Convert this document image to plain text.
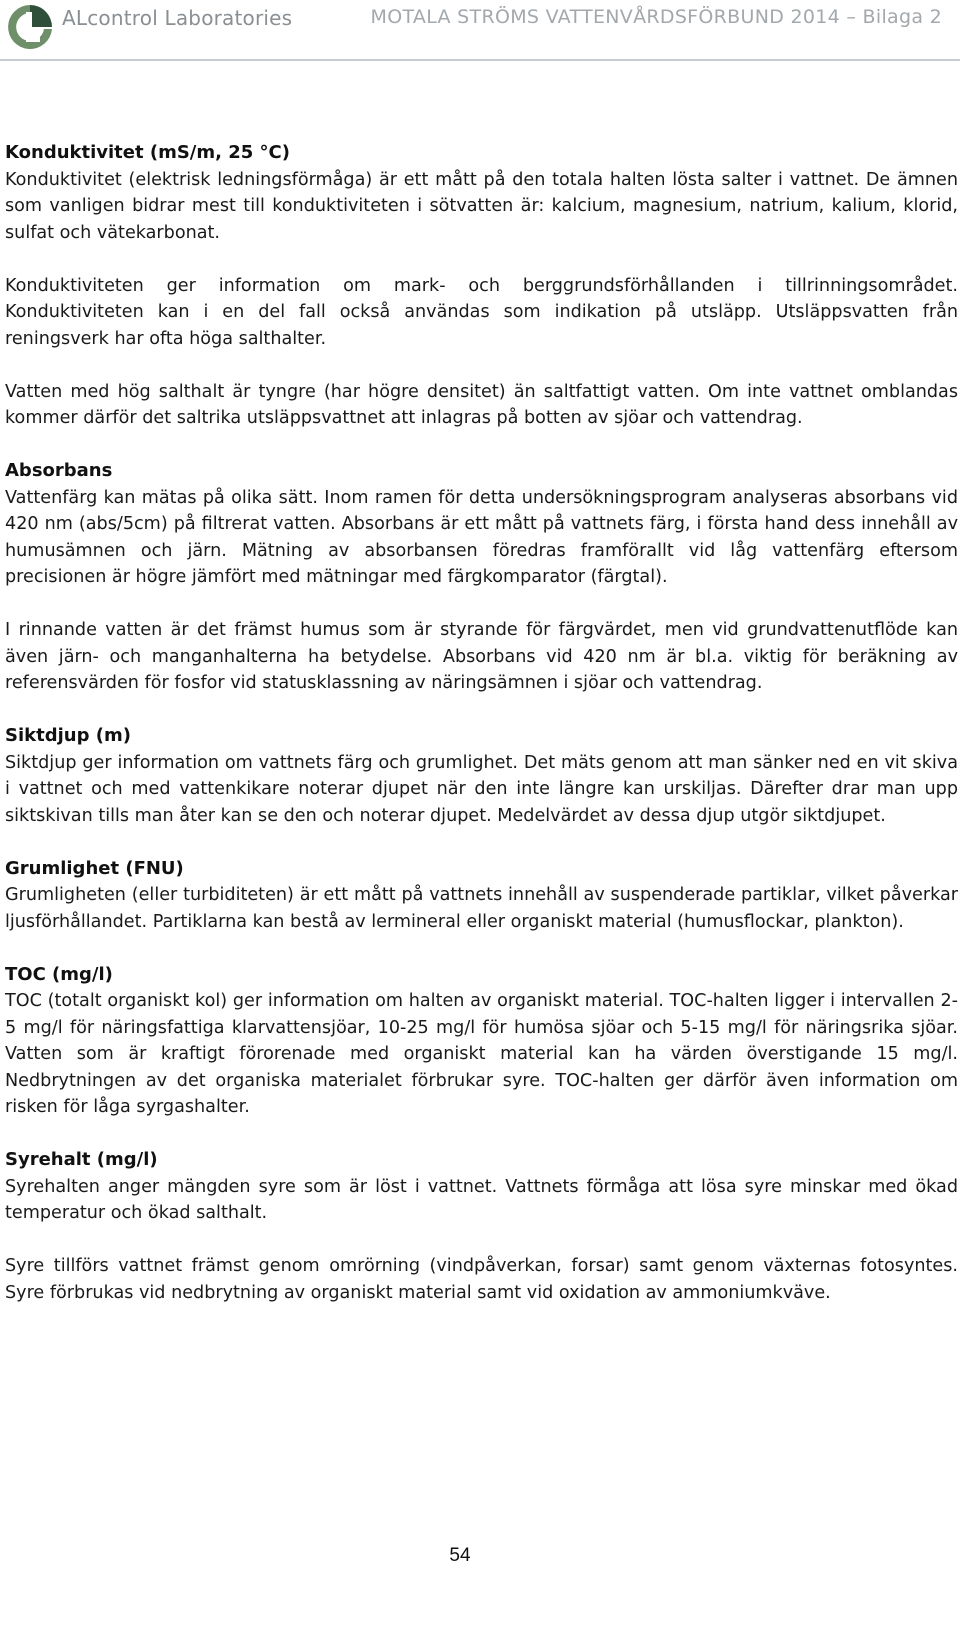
ALcontrol Laboratories	MOTALA STRÖMS VATTENVÅRDSFÖRBUND 2014 – Bilaga 2

Konduktivitet (mS/m, 25 °C)

Konduktivitet (elektrisk ledningsförmåga) är ett mått på den totala halten lösta salter i vattnet. De ämnen som vanligen bidrar mest till konduktiviteten i sötvatten är: kalcium, magnesium, natrium, kalium, klorid, sulfat och vätekarbonat.

Konduktiviteten ger information om mark- och berggrundsförhållanden i tillrinningsområdet. Konduktiviteten kan i en del fall också användas som indikation på utsläpp. Utsläppsvatten från reningsverk har ofta höga salthalter.

Vatten med hög salthalt är tyngre (har högre densitet) än saltfattigt vatten. Om inte vattnet omblandas kommer därför det saltrika utsläppsvattnet att inlagras på botten av sjöar och vattendrag.

Absorbans

Vattenfärg kan mätas på olika sätt. Inom ramen för detta undersökningsprogram analyseras absorbans vid 420 nm (abs/5cm) på filtrerat vatten. Absorbans är ett mått på vattnets färg, i första hand dess innehåll av humusämnen och järn. Mätning av absorbansen föredras framförallt vid låg vattenfärg eftersom precisionen är högre jämfört med mätningar med färgkomparator (färgtal).

I rinnande vatten är det främst humus som är styrande för färgvärdet, men vid grundvattenutflöde kan även järn- och manganhalterna ha betydelse. Absorbans vid 420 nm är bl.a. viktig för beräkning av referensvärden för fosfor vid statusklassning av näringsämnen i sjöar och vattendrag.

Siktdjup (m)

Siktdjup ger information om vattnets färg och grumlighet. Det mäts genom att man sänker ned en vit skiva i vattnet och med vattenkikare noterar djupet när den inte längre kan urskiljas. Därefter drar man upp siktskivan tills man åter kan se den och noterar djupet. Medelvärdet av dessa djup utgör siktdjupet.

Grumlighet (FNU)

Grumligheten (eller turbiditeten) är ett mått på vattnets innehåll av suspenderade partiklar, vilket påverkar ljusförhållandet. Partiklarna kan bestå av lermineral eller organiskt material (humusflockar, plankton).

TOC (mg/l)

TOC (totalt organiskt kol) ger information om halten av organiskt material. TOC-halten ligger i intervallen 2-5 mg/l för näringsfattiga klarvattensjöar, 10-25 mg/l för humösa sjöar och 5-15 mg/l för näringsrika sjöar. Vatten som är kraftigt förorenade med organiskt material kan ha värden överstigande 15 mg/l. Nedbrytningen av det organiska materialet förbrukar syre. TOC-halten ger därför även information om risken för låga syrgashalter.

Syrehalt (mg/l)

Syrehalten anger mängden syre som är löst i vattnet. Vattnets förmåga att lösa syre minskar med ökad temperatur och ökad salthalt.

Syre tillförs vattnet främst genom omrörning (vindpåverkan, forsar) samt genom växternas fotosyntes. Syre förbrukas vid nedbrytning av organiskt material samt vid oxidation av ammoniumkväve.

54
